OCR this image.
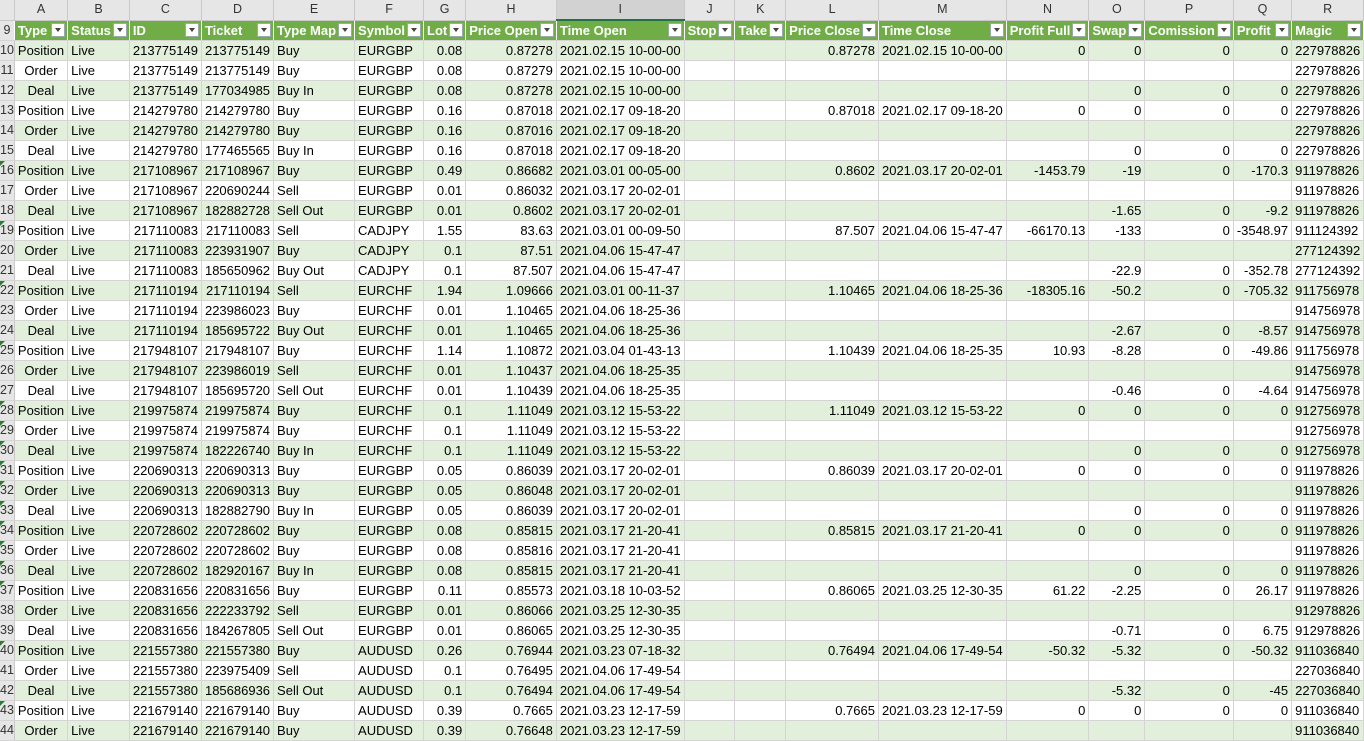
	A	B	C	D	E	F	G	H	I	J	K	L	M	N	O	P	Q	R
9	Type	Status	ID	Ticket	Type Map	Symbol	Lot	Price Open	Time Open	Stop	Take	Price Close	Time Close	Profit Full	Swap	Comission	Profit	Magic

10	Position	Live	213775149	213775149	Buy	EURGBP	0.08	0.87278	2021.02.15 10-00-00			0.87278	2021.02.15 10-00-00	0	0	0	0	227978826
11	Order	Live	213775149	213775149	Buy	EURGBP	0.08	0.87279	2021.02.15 10-00-00									227978826
12	Deal	Live	213775149	177034985	Buy In	EURGBP	0.08	0.87278	2021.02.15 10-00-00						0	0	0	227978826
13	Position	Live	214279780	214279780	Buy	EURGBP	0.16	0.87018	2021.02.17 09-18-20			0.87018	2021.02.17 09-18-20	0	0	0	0	227978826
14	Order	Live	214279780	214279780	Buy	EURGBP	0.16	0.87016	2021.02.17 09-18-20									227978826
15	Deal	Live	214279780	177465565	Buy In	EURGBP	0.16	0.87018	2021.02.17 09-18-20						0	0	0	227978826
16	Position	Live	217108967	217108967	Buy	EURGBP	0.49	0.86682	2021.03.01 00-05-00			0.8602	2021.03.17 20-02-01	-1453.79	-19	0	-170.3	911978826
17	Order	Live	217108967	220690244	Sell	EURGBP	0.01	0.86032	2021.03.17 20-02-01									911978826
18	Deal	Live	217108967	182882728	Sell Out	EURGBP	0.01	0.8602	2021.03.17 20-02-01						-1.65	0	-9.2	911978826
19	Position	Live	217110083	217110083	Sell	CADJPY	1.55	83.63	2021.03.01 00-09-50			87.507	2021.04.06 15-47-47	-66170.13	-133	0	-3548.97	911124392
20	Order	Live	217110083	223931907	Buy	CADJPY	0.1	87.51	2021.04.06 15-47-47									277124392
21	Deal	Live	217110083	185650962	Buy Out	CADJPY	0.1	87.507	2021.04.06 15-47-47						-22.9	0	-352.78	277124392
22	Position	Live	217110194	217110194	Sell	EURCHF	1.94	1.09666	2021.03.01 00-11-37			1.10465	2021.04.06 18-25-36	-18305.16	-50.2	0	-705.32	911756978
23	Order	Live	217110194	223986023	Buy	EURCHF	0.01	1.10465	2021.04.06 18-25-36									914756978
24	Deal	Live	217110194	185695722	Buy Out	EURCHF	0.01	1.10465	2021.04.06 18-25-36						-2.67	0	-8.57	914756978
25	Position	Live	217948107	217948107	Buy	EURCHF	1.14	1.10872	2021.03.04 01-43-13			1.10439	2021.04.06 18-25-35	10.93	-8.28	0	-49.86	911756978
26	Order	Live	217948107	223986019	Sell	EURCHF	0.01	1.10437	2021.04.06 18-25-35									914756978
27	Deal	Live	217948107	185695720	Sell Out	EURCHF	0.01	1.10439	2021.04.06 18-25-35						-0.46	0	-4.64	914756978
28	Position	Live	219975874	219975874	Buy	EURCHF	0.1	1.11049	2021.03.12 15-53-22			1.11049	2021.03.12 15-53-22	0	0	0	0	912756978
29	Order	Live	219975874	219975874	Buy	EURCHF	0.1	1.11049	2021.03.12 15-53-22									912756978
30	Deal	Live	219975874	182226740	Buy In	EURCHF	0.1	1.11049	2021.03.12 15-53-22						0	0	0	912756978
31	Position	Live	220690313	220690313	Buy	EURGBP	0.05	0.86039	2021.03.17 20-02-01			0.86039	2021.03.17 20-02-01	0	0	0	0	911978826
32	Order	Live	220690313	220690313	Buy	EURGBP	0.05	0.86048	2021.03.17 20-02-01									911978826
33	Deal	Live	220690313	182882790	Buy In	EURGBP	0.05	0.86039	2021.03.17 20-02-01						0	0	0	911978826
34	Position	Live	220728602	220728602	Buy	EURGBP	0.08	0.85815	2021.03.17 21-20-41			0.85815	2021.03.17 21-20-41	0	0	0	0	911978826
35	Order	Live	220728602	220728602	Buy	EURGBP	0.08	0.85816	2021.03.17 21-20-41									911978826
36	Deal	Live	220728602	182920167	Buy In	EURGBP	0.08	0.85815	2021.03.17 21-20-41						0	0	0	911978826
37	Position	Live	220831656	220831656	Buy	EURGBP	0.11	0.85573	2021.03.18 10-03-52			0.86065	2021.03.25 12-30-35	61.22	-2.25	0	26.17	911978826
38	Order	Live	220831656	222233792	Sell	EURGBP	0.01	0.86066	2021.03.25 12-30-35									912978826
39	Deal	Live	220831656	184267805	Sell Out	EURGBP	0.01	0.86065	2021.03.25 12-30-35						-0.71	0	6.75	912978826
40	Position	Live	221557380	221557380	Buy	AUDUSD	0.26	0.76944	2021.03.23 07-18-32			0.76494	2021.04.06 17-49-54	-50.32	-5.32	0	-50.32	911036840
41	Order	Live	221557380	223975409	Sell	AUDUSD	0.1	0.76495	2021.04.06 17-49-54									227036840
42	Deal	Live	221557380	185686936	Sell Out	AUDUSD	0.1	0.76494	2021.04.06 17-49-54						-5.32	0	-45	227036840
43	Position	Live	221679140	221679140	Buy	AUDUSD	0.39	0.7665	2021.03.23 12-17-59			0.7665	2021.03.23 12-17-59	0	0	0	0	911036840
44	Order	Live	221679140	221679140	Buy	AUDUSD	0.39	0.76648	2021.03.23 12-17-59									911036840
